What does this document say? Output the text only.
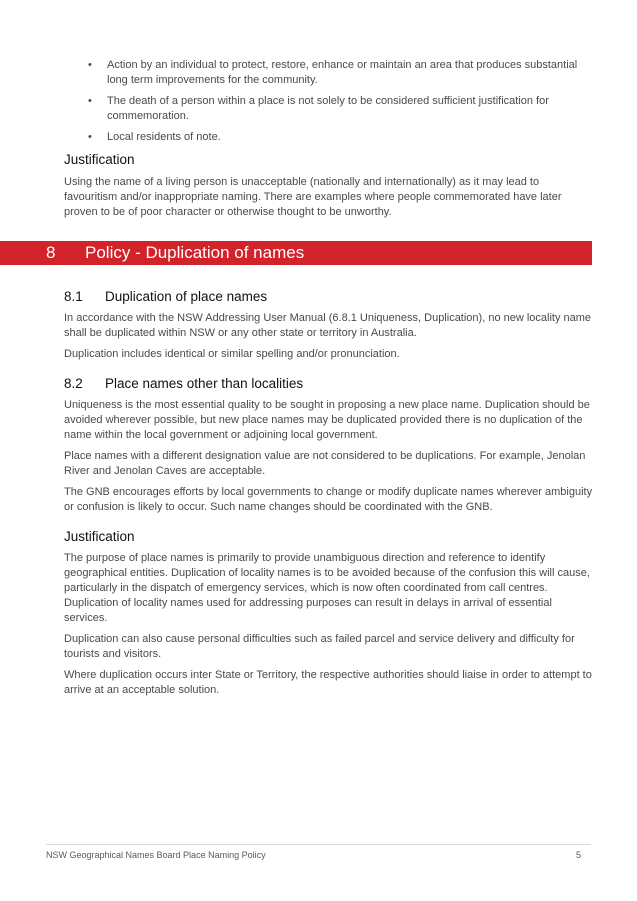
• Action by an individual to protect, restore, enhance or maintain an area that produces substantial long term improvements for the community.
• The death of a person within a place is not solely to be considered sufficient justification for commemoration.
• Local residents of note.
Justification

Using the name of a living person is unacceptable (nationally and internationally) as it may lead to favouritism and/or inappropriate naming. There are examples where people commemorated have later proven to be of poor character or otherwise thought to be unworthy.

8 Policy - Duplication of names
8.1 Duplication of place names

In accordance with the NSW Addressing User Manual (6.8.1 Uniqueness, Duplication), no new locality name shall be duplicated within NSW or any other state or territory in Australia.

Duplication includes identical or similar spelling and/or pronunciation.

8.2 Place names other than localities

Uniqueness is the most essential quality to be sought in proposing a new place name. Duplication should be avoided wherever possible, but new place names may be duplicated provided there is no duplication of the name within the local government or adjoining local government.

Place names with a different designation value are not considered to be duplications. For example, Jenolan River and Jenolan Caves are acceptable.

The GNB encourages efforts by local governments to change or modify duplicate names wherever ambiguity or confusion is likely to occur. Such name changes should be coordinated with the GNB.

Justification

The purpose of place names is primarily to provide unambiguous direction and reference to identify geographical entities. Duplication of locality names is to be avoided because of the confusion this will cause, particularly in the dispatch of emergency services, which is now often coordinated from call centres. Duplication of locality names used for addressing purposes can result in delays in arrival of essential services.

Duplication can also cause personal difficulties such as failed parcel and service delivery and difficulty for tourists and visitors.

Where duplication occurs inter State or Territory, the respective authorities should liaise in order to attempt to arrive at an acceptable solution.

NSW Geographical Names Board Place Naming Policy	5
